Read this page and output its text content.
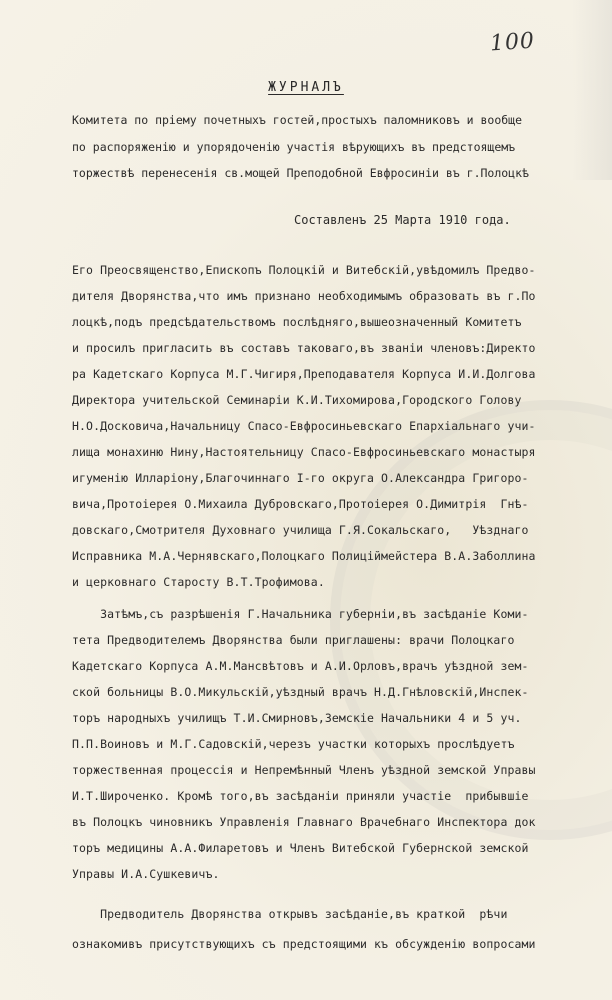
100
ЖУРНАЛЪ
Комитета по пріему почетныхъ гостей,простыхъ паломниковъ и вообще
по распоряженію и упорядоченію участія вѣрующихъ въ предстоящемъ
торжествѣ перенесенія св.мощей Преподобной Евфросиніи въ г.Полоцкѣ
Составленъ 25 Марта 1910 года.
Его Преосвященство,Епископъ Полоцкій и Витебскій,увѣдомилъ Предво-
дителя Дворянства,что имъ признано необходимымъ образовать въ г.По
лоцкѣ,подъ предсѣдательствомъ послѣдняго,вышеозначенный Комитетъ
и просилъ пригласить въ составъ таковаго,въ званіи членовъ:Директо
ра Кадетскаго Корпуса М.Г.Чигиря,Преподавателя Корпуса И.И.Долгова
Директора учительской Семинаріи К.И.Тихомирова,Городского Голову
Н.О.Досковича,Начальницу Спасо-Евфросиньевскаго Епархіальнаго учи-
лища монахиню Нину,Настоятельницу Спасо-Евфросиньевскаго монастыря
игуменію Илларіону,Благочиннаго I-го округа О.Александра Григоро-
вича,Протоіерея О.Михаила Дубровскаго,Протоіерея О.Димитрія  Гнѣ-
довскаго,Смотрителя Духовнаго училища Г.Я.Сокальскаго,   Уѣзднаго
Исправника М.А.Чернявскаго,Полоцкаго Полиціймейстера В.А.Заболлина
и церковнаго Старосту В.Т.Трофимова.
Затѣмъ,съ разрѣшенія Г.Начальника губерніи,въ засѣданіе Коми-
тета Предводителемъ Дворянства были приглашены: врачи Полоцкаго
Кадетскаго Корпуса А.М.Мансвѣтовъ и А.И.Орловъ,врачъ уѣздной зем-
ской больницы В.О.Микульскій,уѣздный врачъ Н.Д.Гнѣловскій,Инспек-
торъ народныхъ училищъ Т.И.Смирновъ,Земскіе Начальники 4 и 5 уч.
П.П.Воиновъ и М.Г.Садовскій,черезъ участки которыхъ прослѣдуетъ
торжественная процессія и Непремѣнный Членъ уѣздной земской Управы
И.Т.Широченко. Кромѣ того,въ засѣданіи приняли участіе  прибывшіе
въ Полоцкъ чиновникъ Управленія Главнаго Врачебнаго Инспектора док
торъ медицины А.А.Филаретовъ и Членъ Витебской Губернской земской
Управы И.А.Сушкевичъ.
Предводитель Дворянства открывъ засѣданіе,въ краткой  рѣчи
ознакомивъ присутствующихъ съ предстоящими къ обсужденію вопросами
